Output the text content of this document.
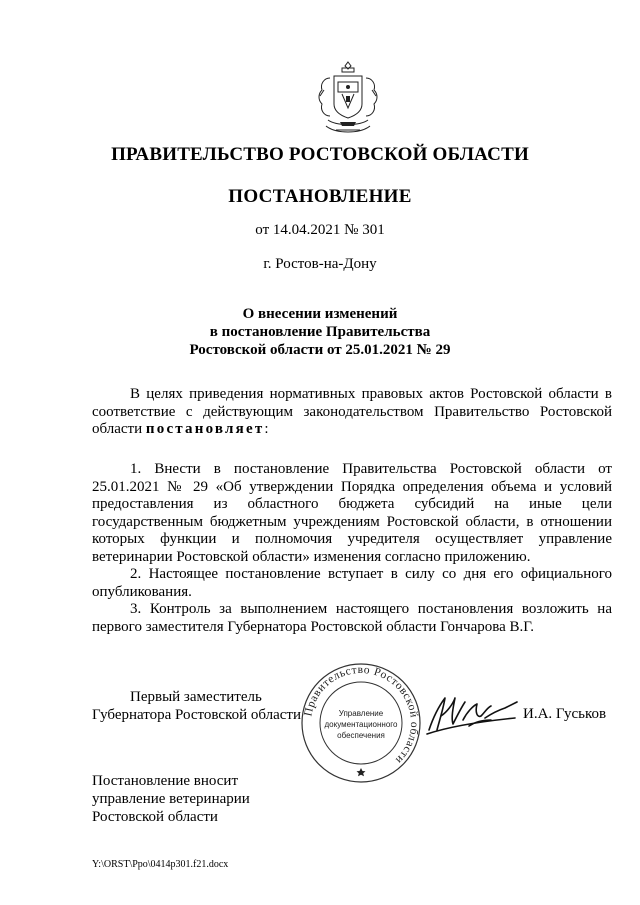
ПРАВИТЕЛЬСТВО РОСТОВСКОЙ ОБЛАСТИ
ПОСТАНОВЛЕНИЕ
от 14.04.2021 № 301
г. Ростов-на-Дону
О внесении изменений
в постановление Правительства
Ростовской области от 25.01.2021 № 29

В целях приведения нормативных правовых актов Ростовской области в соответствие с действующим законодательством Правительство Ростовской области постановляет:

1. Внести в постановление Правительства Ростовской области от 25.01.2021 № 29 «Об утверждении Порядка определения объема и условий предоставления из областного бюджета субсидий на иные цели государственным бюджетным учреждениям Ростовской области, в отношении которых функции и полномочия учредителя осуществляет управление ветеринарии Ростовской области» изменения согласно приложению.

2. Настоящее постановление вступает в силу со дня его официального опубликования.

3. Контроль за выполнением настоящего постановления возложить на первого заместителя Губернатора Ростовской области Гончарова В.Г.

Первый заместитель
Губернатора Ростовской области Правительство Ростовской области
Управление
документационного
обеспечения
И.А. Гуськов
Постановление вносит
управление ветеринарии
Ростовской области
Y:\ORST\Ppo\0414p301.f21.docx
